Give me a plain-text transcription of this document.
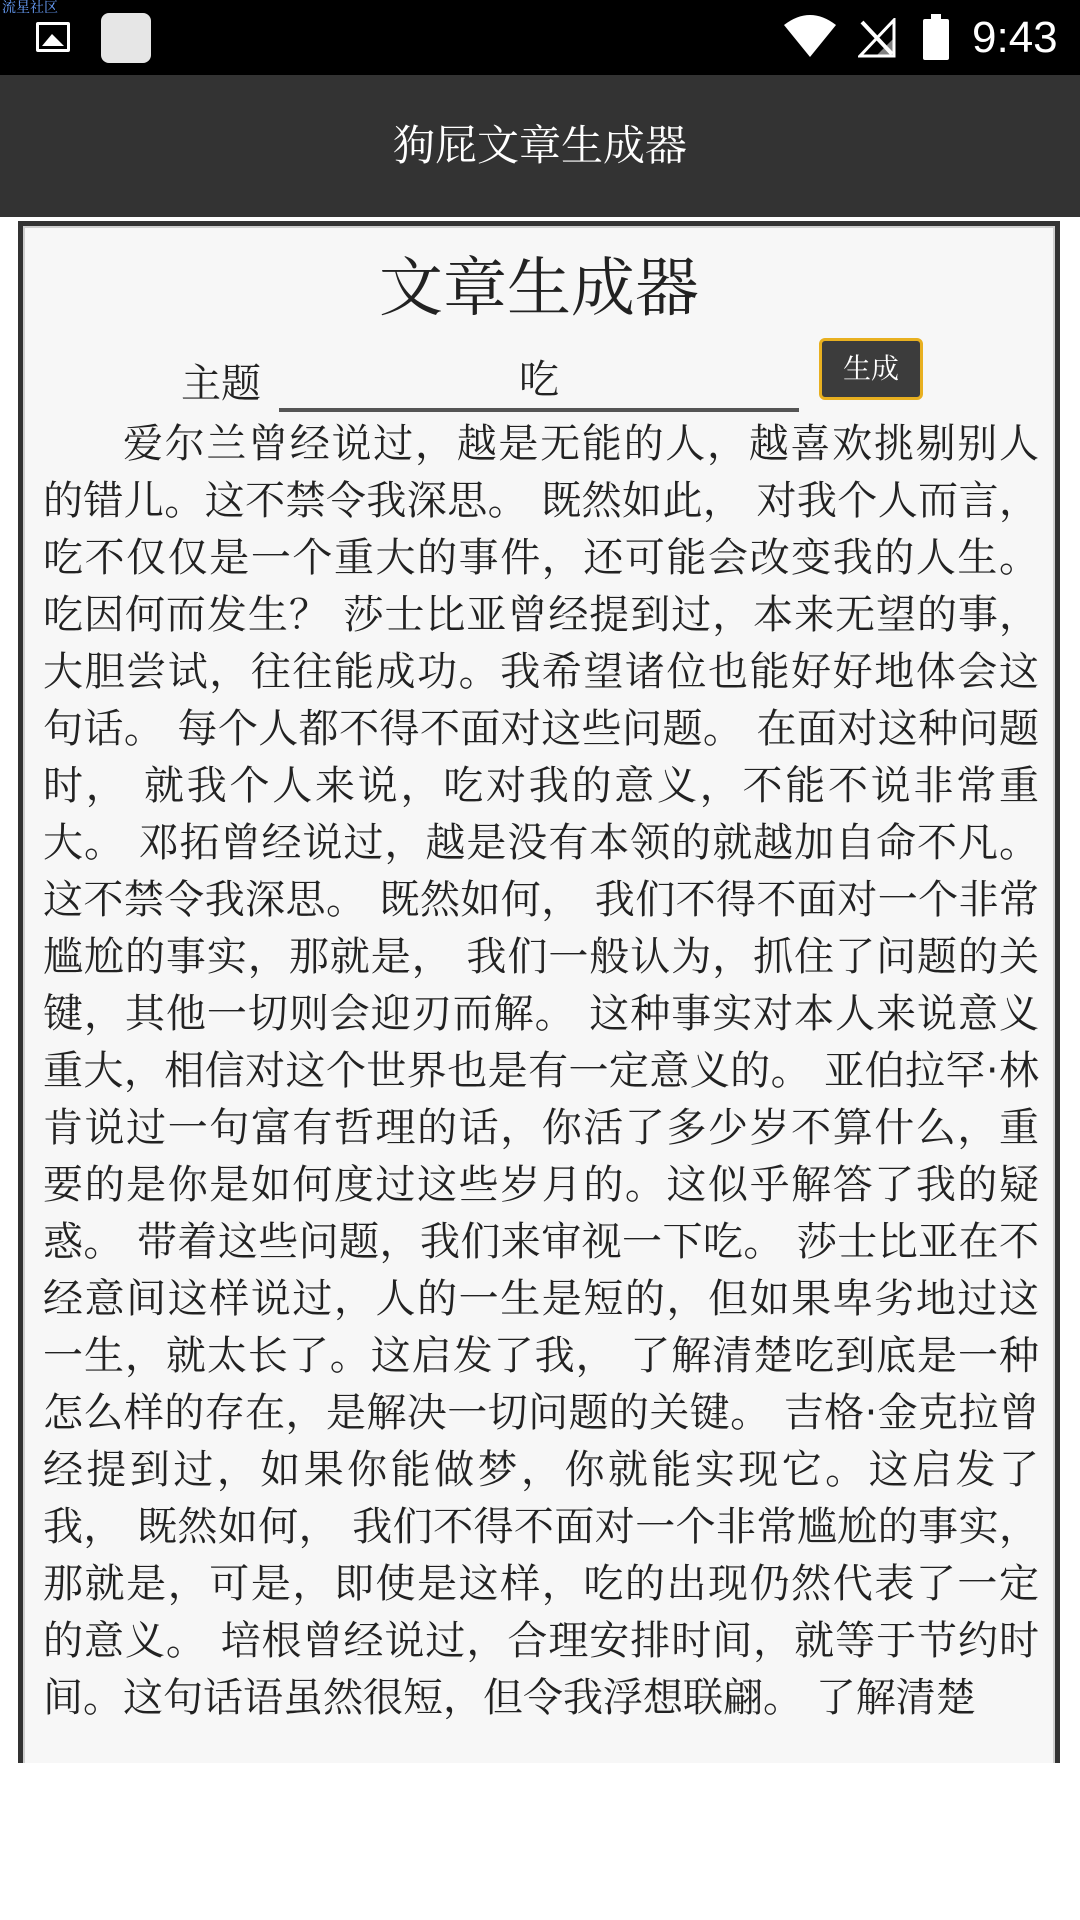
流星社区
9:43
狗屁文章生成器
文章生成器
主题
吃	生成

爱尔兰曾经说过，越是无能的人，越喜欢挑剔别人的错儿。这不禁令我深思。 既然如此， 对我个人而言，吃不仅仅是一个重大的事件，还可能会改变我的人生。 吃因何而发生？ 莎士比亚曾经提到过，本来无望的事，大胆尝试，往往能成功。我希望诸位也能好好地体会这句话。 每个人都不得不面对这些问题。 在面对这种问题时， 就我个人来说，吃对我的意义，不能不说非常重大。 邓拓曾经说过，越是没有本领的就越加自命不凡。这不禁令我深思。 既然如何， 我们不得不面对一个非常尴尬的事实，那就是， 我们一般认为，抓住了问题的关键，其他一切则会迎刃而解。 这种事实对本人来说意义重大，相信对这个世界也是有一定意义的。 亚伯拉罕·林肯说过一句富有哲理的话，你活了多少岁不算什么，重要的是你是如何度过这些岁月的。这似乎解答了我的疑惑。 带着这些问题，我们来审视一下吃。 莎士比亚在不经意间这样说过，人的一生是短的，但如果卑劣地过这一生，就太长了。这启发了我， 了解清楚吃到底是一种怎么样的存在，是解决一切问题的关键。 吉格·金克拉曾经提到过，如果你能做梦，你就能实现它。这启发了我， 既然如何， 我们不得不面对一个非常尴尬的事实，那就是，可是，即使是这样，吃的出现仍然代表了一定的意义。 培根曾经说过，合理安排时间，就等于节约时间。这句话语虽然很短，但令我浮想联翩。 了解清楚
